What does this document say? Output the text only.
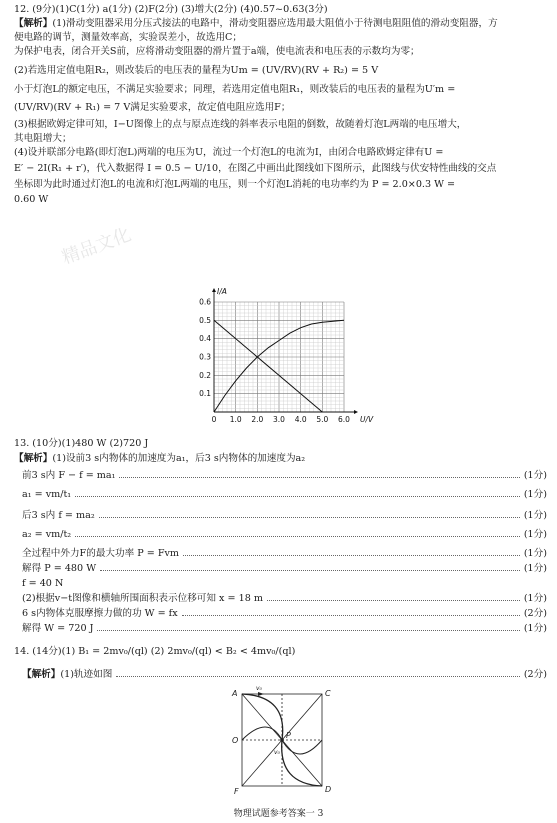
12. (9分)(1)C(1分) a(1分) (2)F(2分) (3)增大(2分) (4)0.57~0.63(3分)
【解析】(1)滑动变阻器采用分压式接法的电路中，滑动变阻器应选用最大阻值小于待测电阻阻值的滑动变阻器，方
便电路的调节，测量效率高，实验误差小，故选用C；
为保护电表，闭合开关S前，应将滑动变阻器的滑片置于a端，使电流表和电压表的示数均为零；
(2)若选用定值电阻R₂，则改装后的电压表的量程为Um = (UV/RV)(RV + R₂) = 5 V
小于灯泡L的额定电压，不满足实验要求；同理，若选用定值电阻R₁，则改装后的电压表的量程为U′m =
(UV/RV)(RV + R₁) = 7 V满足实验要求，故定值电阻应选用F；
(3)根据欧姆定律可知，I−U图像上的点与原点连线的斜率表示电阻的倒数，故随着灯泡L两端的电压增大，
其电阻增大；
(4)设并联部分电路(即灯泡L)两端的电压为U，流过一个灯泡L的电流为I，由闭合电路欧姆定律有U =
E′ − 2I(R₁ + r′)，代入数据得 I = 0.5 − U/10，在图乙中画出此图线如下图所示，此图线与伏安特性曲线的交点
坐标即为此时通过灯泡L的电流和灯泡L两端的电压，则一个灯泡L消耗的电功率约为 P = 2.0×0.3 W =
0.60 W
精品文化
0 1.0 2.0 3.0 4.0 5.0 6.0
0.1
0.2
0.3
0.4
0.5
0.6
U/V
I/A
13. (10分)(1)480 W (2)720 J
【解析】(1)设前3 s内物体的加速度为a₁，后3 s内物体的加速度为a₂
前3 s内 F − f = ma₁	(1分)
a₁ = vm/t₁	(1分)
后3 s内 f = ma₂	(1分)
a₂ = vm/t₂	(1分)
全过程中外力F的最大功率 P = Fvm	(1分)
解得 P = 480 W	(1分)
f = 40 N
(2)根据v−t图像和横轴所围面积表示位移可知 x = 18 m	(1分)
6 s内物体克服摩擦力做的功 W = fx	(2分)
解得 W = 720 J	(1分)
14. (14分)(1) B₁ = 2mv₀/(ql) (2) 2mv₀/(ql) < B₂ < 4mv₀/(ql)
【解析】 (1)轨迹如图	(2分)
A	C
O
P
F	D
v₀
v₀
物理试题参考答案一 3
